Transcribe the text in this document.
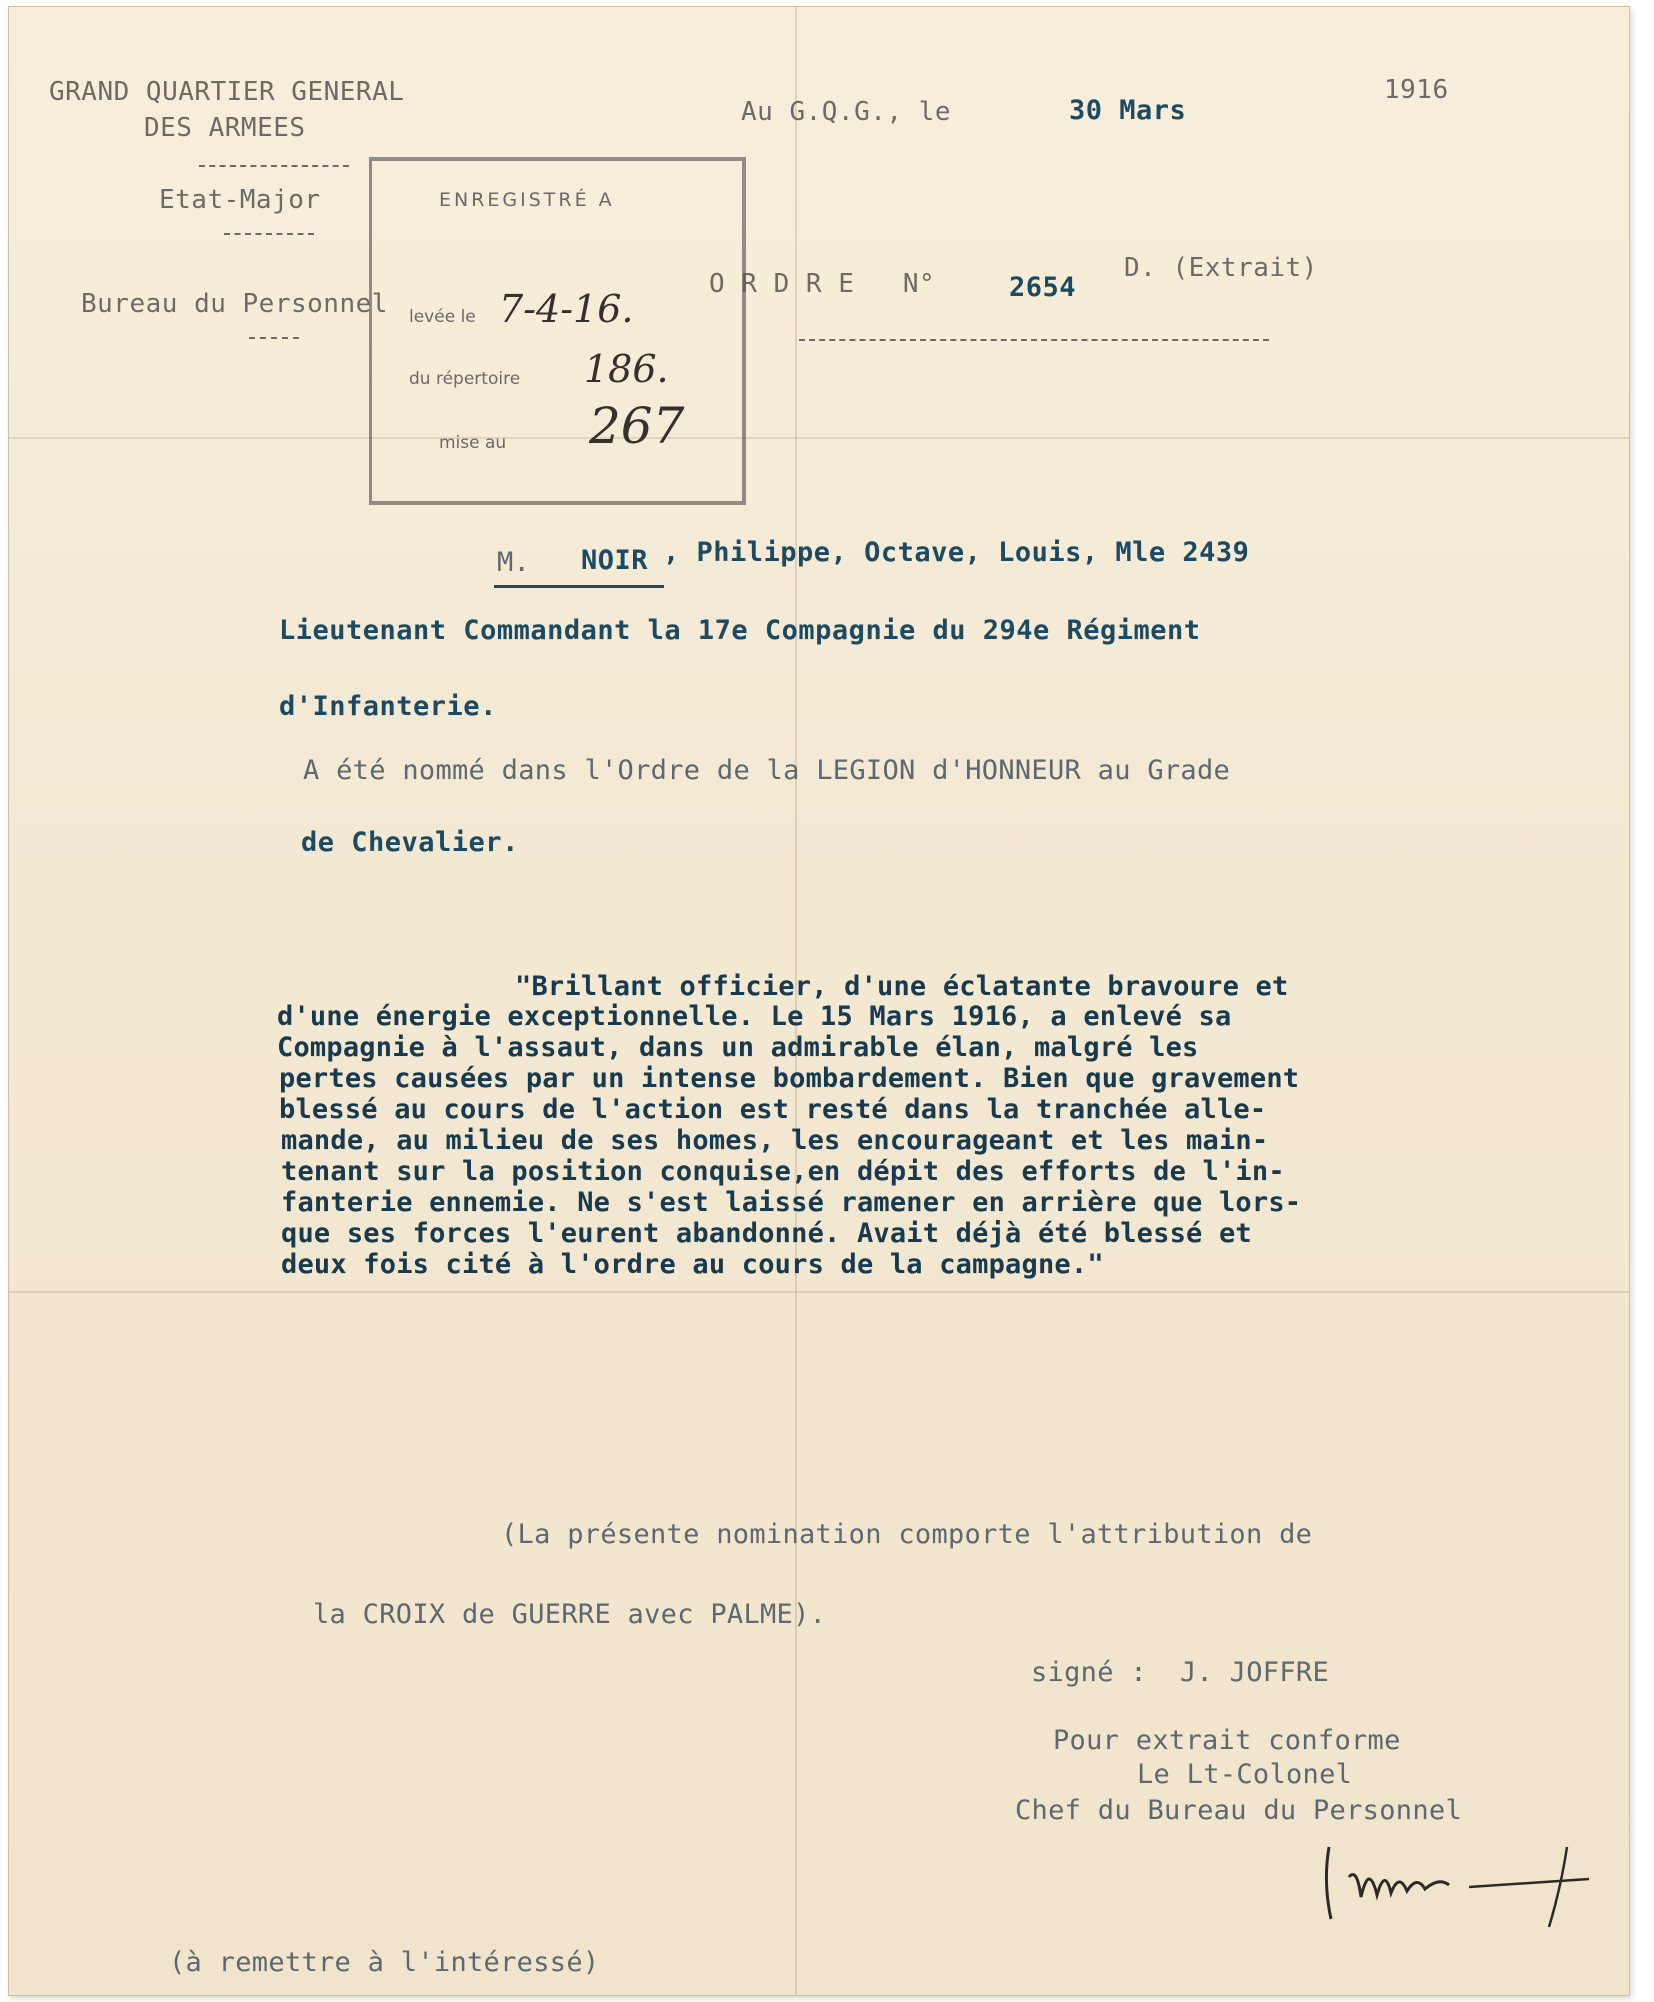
GRAND QUARTIER GENERAL
DES ARMEES
Etat-Major
Bureau du Personnel
Au G.Q.G., le	30 Mars
1916
O R D R E   N°	2654
D. (Extrait)
ENREGISTRÉ A
levée le 7-4-16.
du répertoire 186.
mise au 267
M. NOIR , Philippe, Octave, Louis, Mle 2439
Lieutenant Commandant la 17e Compagnie du 294e Régiment
d'Infanterie.
A été nommé dans l'Ordre de la LEGION d'HONNEUR au Grade
de Chevalier.
"Brillant officier, d'une éclatante bravoure et
d'une énergie exceptionnelle. Le 15 Mars 1916, a enlevé sa
Compagnie à l'assaut, dans un admirable élan, malgré les
pertes causées par un intense bombardement. Bien que gravement
blessé au cours de l'action est resté dans la tranchée alle-
mande, au milieu de ses homes, les encourageant et les main-
tenant sur la position conquise,en dépit des efforts de l'in-
fanterie ennemie. Ne s'est laissé ramener en arrière que lors-
que ses forces l'eurent abandonné. Avait déjà été blessé et
deux fois cité à l'ordre au cours de la campagne."
(La présente nomination comporte l'attribution de
la CROIX de GUERRE avec PALME).
signé :  J. JOFFRE
Pour extrait conforme
Le Lt-Colonel
Chef du Bureau du Personnel
(à remettre à l'intéressé)
